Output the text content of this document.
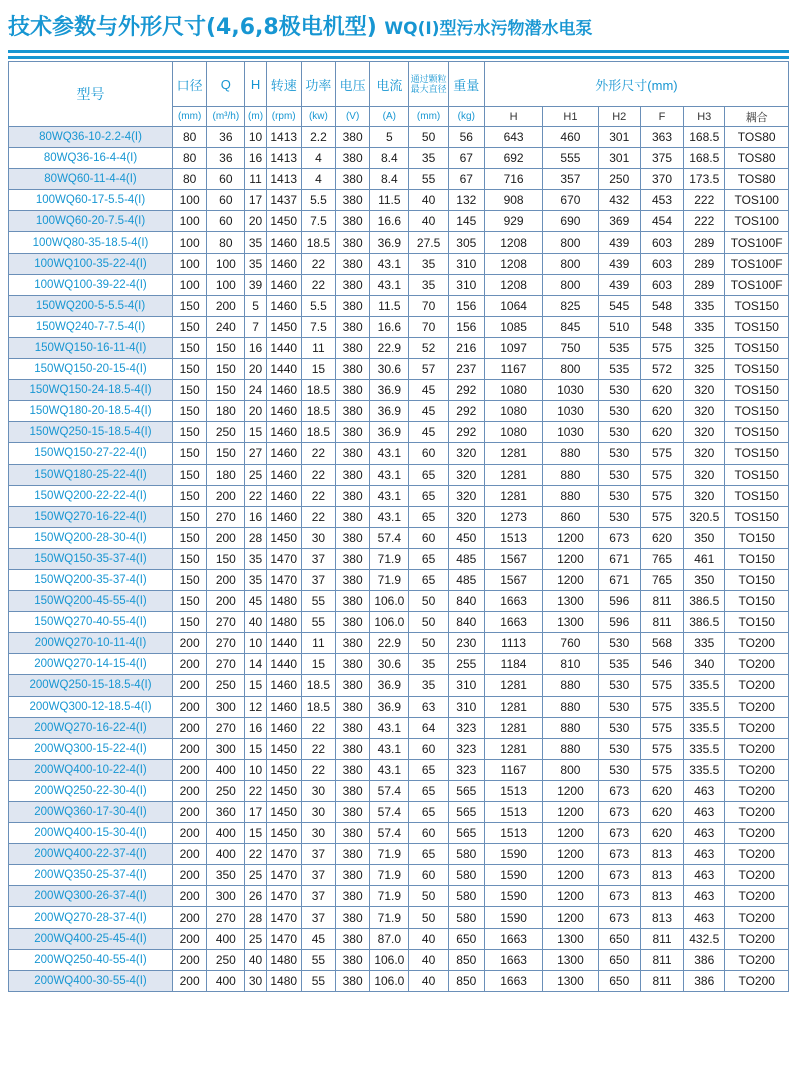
技术参数与外形尺寸(4,6,8极电机型) WQ(I)型污水污物潜水电泵
型号	口径	Q	H	转速	功率	电压	电流	通过颗粒最大直径	重量	外形尺寸(mm)					
	(mm)	(m³/h)	(m)	(rpm)	(kw)	(V)	(A)	(mm)	(kg)	H	H1	H2	F	H3	耦合
80WQ36-10-2.2-4(I)	80	36	10	1413	2.2	380	5	50	56	643	460	301	363	168.5	TOS80
80WQ36-16-4-4(I)	80	36	16	1413	4	380	8.4	35	67	692	555	301	375	168.5	TOS80
80WQ60-11-4-4(I)	80	60	11	1413	4	380	8.4	55	67	716	357	250	370	173.5	TOS80
100WQ60-17-5.5-4(I)	100	60	17	1437	5.5	380	11.5	40	132	908	670	432	453	222	TOS100
100WQ60-20-7.5-4(I)	100	60	20	1450	7.5	380	16.6	40	145	929	690	369	454	222	TOS100
100WQ80-35-18.5-4(I)	100	80	35	1460	18.5	380	36.9	27.5	305	1208	800	439	603	289	TOS100F
100WQ100-35-22-4(I)	100	100	35	1460	22	380	43.1	35	310	1208	800	439	603	289	TOS100F
100WQ100-39-22-4(I)	100	100	39	1460	22	380	43.1	35	310	1208	800	439	603	289	TOS100F
150WQ200-5-5.5-4(I)	150	200	5	1460	5.5	380	11.5	70	156	1064	825	545	548	335	TOS150
150WQ240-7-7.5-4(I)	150	240	7	1450	7.5	380	16.6	70	156	1085	845	510	548	335	TOS150
150WQ150-16-11-4(I)	150	150	16	1440	11	380	22.9	52	216	1097	750	535	575	325	TOS150
150WQ150-20-15-4(I)	150	150	20	1440	15	380	30.6	57	237	1167	800	535	572	325	TOS150
150WQ150-24-18.5-4(I)	150	150	24	1460	18.5	380	36.9	45	292	1080	1030	530	620	320	TOS150
150WQ180-20-18.5-4(I)	150	180	20	1460	18.5	380	36.9	45	292	1080	1030	530	620	320	TOS150
150WQ250-15-18.5-4(I)	150	250	15	1460	18.5	380	36.9	45	292	1080	1030	530	620	320	TOS150
150WQ150-27-22-4(I)	150	150	27	1460	22	380	43.1	60	320	1281	880	530	575	320	TOS150
150WQ180-25-22-4(I)	150	180	25	1460	22	380	43.1	65	320	1281	880	530	575	320	TOS150
150WQ200-22-22-4(I)	150	200	22	1460	22	380	43.1	65	320	1281	880	530	575	320	TOS150
150WQ270-16-22-4(I)	150	270	16	1460	22	380	43.1	65	320	1273	860	530	575	320.5	TOS150
150WQ200-28-30-4(I)	150	200	28	1450	30	380	57.4	60	450	1513	1200	673	620	350	TO150
150WQ150-35-37-4(I)	150	150	35	1470	37	380	71.9	65	485	1567	1200	671	765	461	TO150
150WQ200-35-37-4(I)	150	200	35	1470	37	380	71.9	65	485	1567	1200	671	765	350	TO150
150WQ200-45-55-4(I)	150	200	45	1480	55	380	106.0	50	840	1663	1300	596	811	386.5	TO150
150WQ270-40-55-4(I)	150	270	40	1480	55	380	106.0	50	840	1663	1300	596	811	386.5	TO150
200WQ270-10-11-4(I)	200	270	10	1440	11	380	22.9	50	230	1113	760	530	568	335	TO200
200WQ270-14-15-4(I)	200	270	14	1440	15	380	30.6	35	255	1184	810	535	546	340	TO200
200WQ250-15-18.5-4(I)	200	250	15	1460	18.5	380	36.9	35	310	1281	880	530	575	335.5	TO200
200WQ300-12-18.5-4(I)	200	300	12	1460	18.5	380	36.9	63	310	1281	880	530	575	335.5	TO200
200WQ270-16-22-4(I)	200	270	16	1460	22	380	43.1	64	323	1281	880	530	575	335.5	TO200
200WQ300-15-22-4(I)	200	300	15	1450	22	380	43.1	60	323	1281	880	530	575	335.5	TO200
200WQ400-10-22-4(I)	200	400	10	1450	22	380	43.1	65	323	1167	800	530	575	335.5	TO200
200WQ250-22-30-4(I)	200	250	22	1450	30	380	57.4	65	565	1513	1200	673	620	463	TO200
200WQ360-17-30-4(I)	200	360	17	1450	30	380	57.4	65	565	1513	1200	673	620	463	TO200
200WQ400-15-30-4(I)	200	400	15	1450	30	380	57.4	60	565	1513	1200	673	620	463	TO200
200WQ400-22-37-4(I)	200	400	22	1470	37	380	71.9	65	580	1590	1200	673	813	463	TO200
200WQ350-25-37-4(I)	200	350	25	1470	37	380	71.9	60	580	1590	1200	673	813	463	TO200
200WQ300-26-37-4(I)	200	300	26	1470	37	380	71.9	50	580	1590	1200	673	813	463	TO200
200WQ270-28-37-4(I)	200	270	28	1470	37	380	71.9	50	580	1590	1200	673	813	463	TO200
200WQ400-25-45-4(I)	200	400	25	1470	45	380	87.0	40	650	1663	1300	650	811	432.5	TO200
200WQ250-40-55-4(I)	200	250	40	1480	55	380	106.0	40	850	1663	1300	650	811	386	TO200
200WQ400-30-55-4(I)	200	400	30	1480	55	380	106.0	40	850	1663	1300	650	811	386	TO200
